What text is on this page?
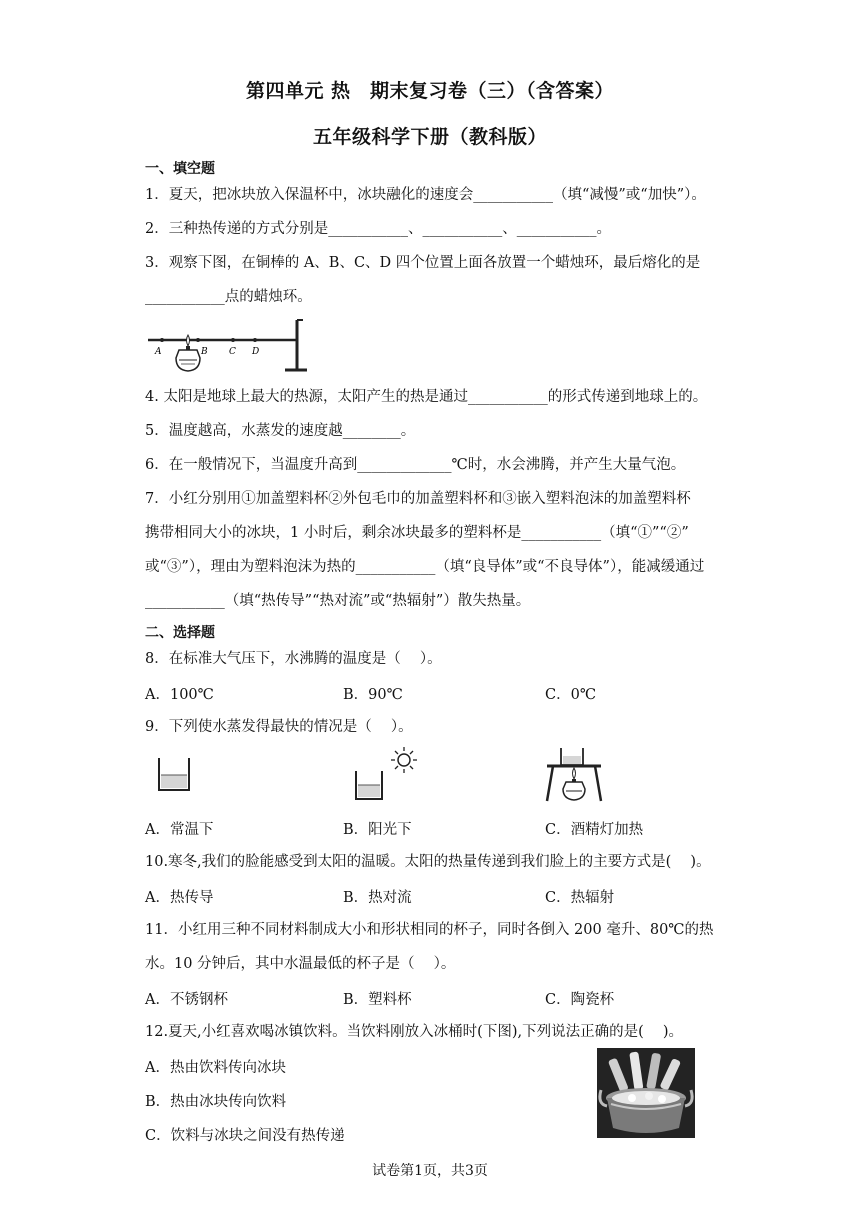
第四单元 热　期末复习卷（三）（含答案）
五年级科学下册（教科版）
一、填空题
1．夏天，把冰块放入保温杯中，冰块融化的速度会___________（填“减慢”或“加快”）。
2．三种热传递的方式分别是___________、___________、___________。
3．观察下图，在铜棒的 A、B、C、D 四个位置上面各放置一个蜡烛环，最后熔化的是
___________点的蜡烛环。
A	B C D
4. 太阳是地球上最大的热源，太阳产生的热是通过___________的形式传递到地球上的。
5．温度越高，水蒸发的速度越________。
6．在一般情况下，当温度升高到_____________℃时，水会沸腾，并产生大量气泡。
7．小红分别用①加盖塑料杯②外包毛巾的加盖塑料杯和③嵌入塑料泡沫的加盖塑料杯
携带相同大小的冰块，1 小时后，剩余冰块最多的塑料杯是___________（填“①”“②”
或“③”），理由为塑料泡沫为热的___________（填“良导体”或“不良导体”），能减缓通过
___________（填“热传导”“热对流”或“热辐射”）散失热量。
二、选择题
8．在标准大气压下，水沸腾的温度是（　 ）。
A．100℃	B．90℃	C．0℃
9．下列使水蒸发得最快的情况是（　 ）。
A．常温下	B．阳光下	C．酒精灯加热
10.寒冬,我们的脸能感受到太阳的温暖。太阳的热量传递到我们脸上的主要方式是(　 )。
A．热传导	B．热对流	C．热辐射
11．小红用三种不同材料制成大小和形状相同的杯子，同时各倒入 200 毫升、80℃的热
水。10 分钟后，其中水温最低的杯子是（　 ）。
A．不锈钢杯	B．塑料杯	C．陶瓷杯
12.夏天,小红喜欢喝冰镇饮料。当饮料刚放入冰桶时(下图),下列说法正确的是(　 )。
A．热由饮料传向冰块
B．热由冰块传向饮料
C．饮料与冰块之间没有热传递
试卷第1页，共3页
